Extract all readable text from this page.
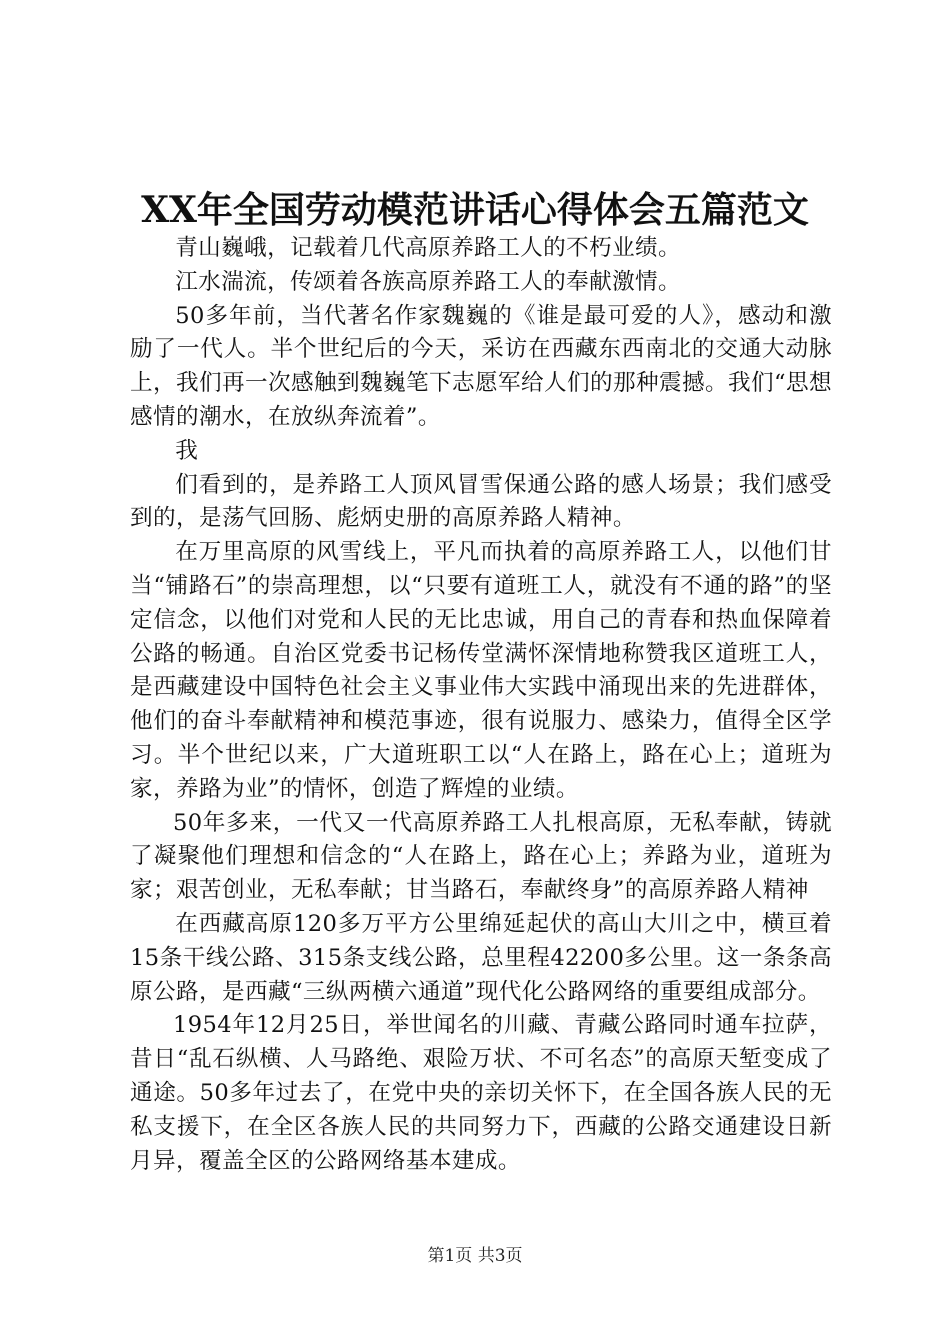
XX年全国劳动模范讲话心得体会五篇范文

青山巍峨，记载着几代高原养路工人的不朽业绩。

江水湍流，传颂着各族高原养路工人的奉献激情。

50多年前，当代著名作家魏巍的《谁是最可爱的人》，感动和激励了一代人。半个世纪后的今天，采访在西藏东西南北的交通大动脉上，我们再一次感触到魏巍笔下志愿军给人们的那种震撼。我们“思想感情的潮水，在放纵奔流着”。

我

们看到的，是养路工人顶风冒雪保通公路的感人场景；我们感受到的，是荡气回肠、彪炳史册的高原养路人精神。

在万里高原的风雪线上，平凡而执着的高原养路工人，以他们甘当“铺路石”的崇高理想，以“只要有道班工人，就没有不通的路”的坚定信念，以他们对党和人民的无比忠诚，用自己的青春和热血保障着公路的畅通。自治区党委书记杨传堂满怀深情地称赞我区道班工人，是西藏建设中国特色社会主义事业伟大实践中涌现出来的先进群体，他们的奋斗奉献精神和模范事迹，很有说服力、感染力，值得全区学习。半个世纪以来，广大道班职工以“人在路上，路在心上；道班为家，养路为业”的情怀，创造了辉煌的业绩。

50年多来，一代又一代高原养路工人扎根高原，无私奉献，铸就了凝聚他们理想和信念的“人在路上，路在心上；养路为业，道班为家；艰苦创业，无私奉献；甘当路石，奉献终身”的高原养路人精神

在西藏高原120多万平方公里绵延起伏的高山大川之中，横亘着15条干线公路、315条支线公路，总里程42200多公里。这一条条高原公路，是西藏“三纵两横六通道”现代化公路网络的重要组成部分。

1954年12月25日，举世闻名的川藏、青藏公路同时通车拉萨，昔日“乱石纵横、人马路绝、艰险万状、不可名态”的高原天堑变成了通途。50多年过去了，在党中央的亲切关怀下，在全国各族人民的无私支援下，在全区各族人民的共同努力下，西藏的公路交通建设日新月异，覆盖全区的公路网络基本建成。

第1页 共3页
